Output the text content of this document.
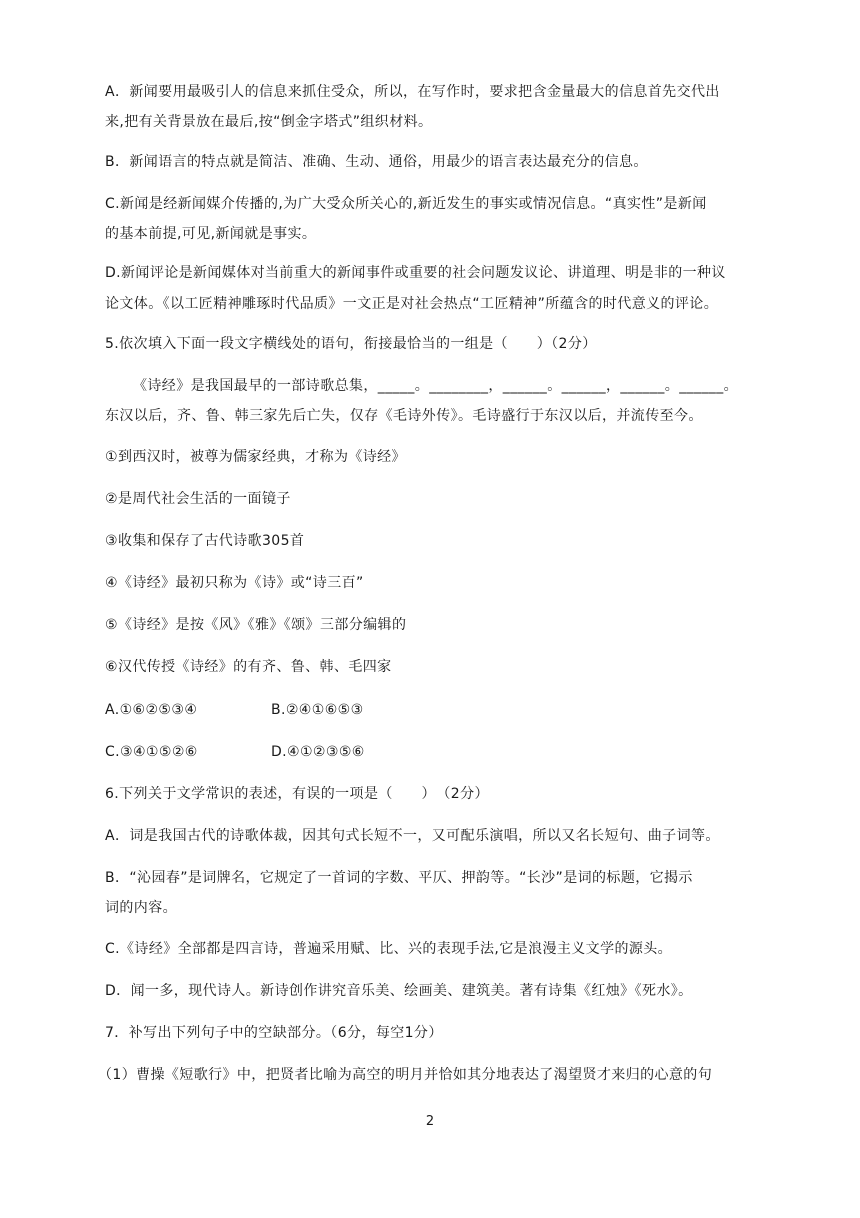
A．新闻要用最吸引人的信息来抓住受众，所以，在写作时，要求把含金量最大的信息首先交代出
来,把有关背景放在最后,按“倒金字塔式”组织材料。
B．新闻语言的特点就是简洁、准确、生动、通俗，用最少的语言表达最充分的信息。
C.新闻是经新闻媒介传播的,为广大受众所关心的,新近发生的事实或情况信息。“真实性”是新闻
的基本前提,可见,新闻就是事实。
D.新闻评论是新闻媒体对当前重大的新闻事件或重要的社会问题发议论、讲道理、明是非的一种议
论文体。《以工匠精神雕琢时代品质》一文正是对社会热点“工匠精神”所蕴含的时代意义的评论。
5.依次填入下面一段文字横线处的语句，衔接最恰当的一组是（　　）（2分）
《诗经》是我国最早的一部诗歌总集，_____。________，______。______，______。______。
东汉以后，齐、鲁、韩三家先后亡失，仅存《毛诗外传》。毛诗盛行于东汉以后，并流传至今。
①到西汉时，被尊为儒家经典，才称为《诗经》
②是周代社会生活的一面镜子
③收集和保存了古代诗歌305首
④《诗经》最初只称为《诗》或“诗三百”
⑤《诗经》是按《风》《雅》《颂》三部分编辑的
⑥汉代传授《诗经》的有齐、鲁、韩、毛四家
A.①⑥②⑤③④	B.②④①⑥⑤③
C.③④①⑤②⑥	D.④①②③⑤⑥
6.下列关于文学常识的表述，有误的一项是（　　）　（2分）
A．词是我国古代的诗歌体裁，因其句式长短不一，又可配乐演唱，所以又名长短句、曲子词等。
B．“沁园春”是词牌名，它规定了一首词的字数、平仄、押韵等。“长沙”是词的标题，它揭示
词的内容。
C.《诗经》全部都是四言诗，普遍采用赋、比、兴的表现手法,它是浪漫主义文学的源头。
D．闻一多，现代诗人。新诗创作讲究音乐美、绘画美、建筑美。著有诗集《红烛》《死水》。
7．补写出下列句子中的空缺部分。（6分，每空1分）
（1）曹操《短歌行》中，把贤者比喻为高空的明月并恰如其分地表达了渴望贤才来归的心意的句
2
